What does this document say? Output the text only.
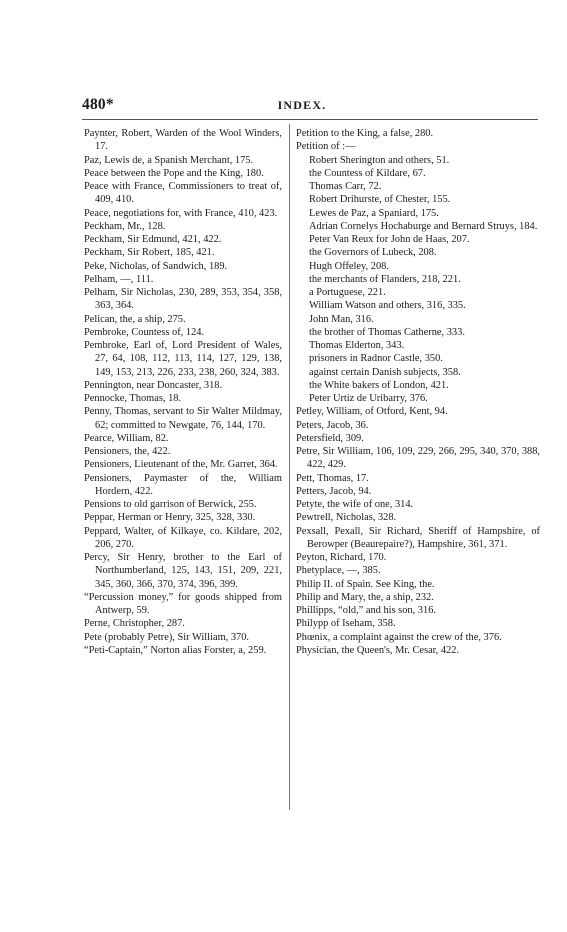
480*	INDEX.

Paynter, Robert, Warden of the Wool Winders, 17.

Paz, Lewis de, a Spanish Merchant, 175.

Peace between the Pope and the King, 180.

Peace with France, Commissioners to treat of, 409, 410.

Peace, negotiations for, with France, 410, 423.

Peckham, Mr., 128.

Peckham, Sir Edmund, 421, 422.

Peckham, Sir Robert, 185, 421.

Peke, Nicholas, of Sandwich, 189.

Pelham, —, 111.

Pelham, Sir Nicholas, 230, 289, 353, 354, 358, 363, 364.

Pelican, the, a ship, 275.

Pembroke, Countess of, 124.

Pembroke, Earl of, Lord President of Wales, 27, 64, 108, 112, 113, 114, 127, 129, 138, 149, 153, 213, 226, 233, 238, 260, 324, 383.

Pennington, near Doncaster, 318.

Pennocke, Thomas, 18.

Penny, Thomas, servant to Sir Walter Mildmay, 62; committed to Newgate, 76, 144, 170.

Pearce, William, 82.

Pensioners, the, 422.

Pensioners, Lieutenant of the, Mr. Garret, 364.

Pensioners, Paymaster of the, William Hordern, 422.

Pensions to old garrison of Berwick, 255.

Peppar, Herman or Henry, 325, 328, 330.

Peppard, Walter, of Kilkaye, co. Kildare, 202, 206, 270.

Percy, Sir Henry, brother to the Earl of Northumberland, 125, 143, 151, 209, 221, 345, 360, 366, 370, 374, 396, 399.

“Percussion money,” for goods shipped from Antwerp, 59.

Perne, Christopher, 287.

Pete (probably Petre), Sir William, 370.

“Peti-Captain,” Norton alias Forster, a, 259.

Petition to the King, a false, 280.

Petition of :—

Robert Sherington and others, 51.

the Countess of Kildare, 67.

Thomas Carr, 72.

Robert Drihurste, of Chester, 155.

Lewes de Paz, a Spaniard, 175.

Adrian Cornelys Hochaburge and Bernard Struys, 184.

Peter Van Reux for John de Haas, 207.

the Governors of Lubeck, 208.

Hugh Offeley, 208.

the merchants of Flanders, 218, 221.

a Portuguese, 221.

William Watson and others, 316, 335.

John Man, 316.

the brother of Thomas Catherne, 333.

Thomas Elderton, 343.

prisoners in Radnor Castle, 350.

against certain Danish subjects, 358.

the White bakers of London, 421.

Peter Urtiz de Uribarry, 376.

Petley, William, of Otford, Kent, 94.

Peters, Jacob, 36.

Petersfield, 309.

Petre, Sir William, 106, 109, 229, 266, 295, 340, 370, 388, 422, 429.

Pett, Thomas, 17.

Petters, Jacob, 94.

Petyte, the wife of one, 314.

Pewtrell, Nicholas, 328.

Pexsall, Pexall, Sir Richard, Sheriff of Hampshire, of Berowper (Beaurepaire?), Hampshire, 361, 371.

Peyton, Richard, 170.

Phetyplace, —, 385.

Philip II. of Spain. See King, the.

Philip and Mary, the, a ship, 232.

Phillipps, “old,” and his son, 316.

Philypp of Iseham, 358.

Phœnix, a complaint against the crew of the, 376.

Physician, the Queen's, Mr. Cesar, 422.
